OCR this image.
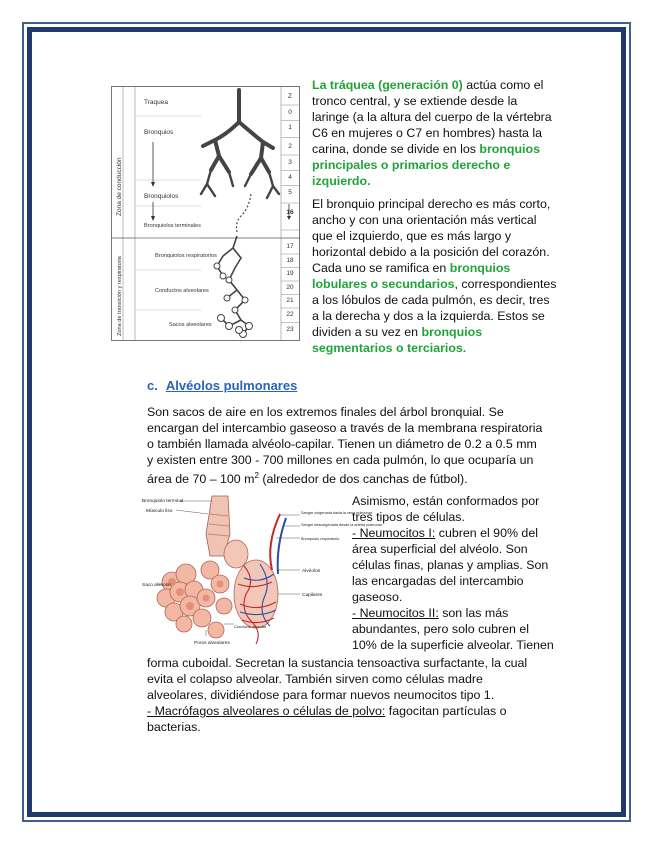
Zona de conducción
Zona de transición y respiratoria
Traquea
Bronquios
Bronquiolos
Bronquiolos terminales
Bronquiolos respiratorios
Conductos alveolares
Sacos alveolares
Z
0
1
2
3
4
5
16
17
18
19
20
21
22
23
La tráquea (generación 0) actúa como el
tronco central, y se extiende desde la
laringe (a la altura del cuerpo de la vértebra
C6 en mujeres o C7 en hombres) hasta la
carina, donde se divide en los bronquios
principales o primarios derecho e
izquierdo.
El bronquio principal derecho es más corto,
ancho y con una orientación más vertical
que el izquierdo, que es más largo y
horizontal debido a la posición del corazón.
Cada uno se ramifica en bronquios
lobulares o secundarios, correspondientes
a los lóbulos de cada pulmón, es decir, tres
a la derecha y dos a la izquierda. Estos se
dividen a su vez en bronquios
segmentarios o terciarios.
c. Alvéolos pulmonares
Son sacos de aire en los extremos finales del árbol bronquial. Se
encargan del intercambio gaseoso a través de la membrana respiratoria
o también llamada alvéolo-capilar. Tienen un diámetro de 0.2 a 0.5 mm
y existen entre 300 - 700 millones en cada pulmón, lo que ocuparía un
área de 70 – 100 $m^2$ (alrededor de dos canchas de fútbol).
Bronquiolo terminal
Músculo liso	Sangre oxigenada hacia la vena pulmonar
Sangre desoxigenada desde la arteria pulmonar
Bronquiolo respiratorio
Saco alveolar
Alvéolos
Capilares
Conducto alveolar
Poros alveolares
Asimismo, están conformados por
tres tipos de células.
- Neumocitos I: cubren el 90% del
área superficial del alvéolo. Son
células finas, planas y amplias. Son
las encargadas del intercambio
gaseoso.
- Neumocitos II: son las más
abundantes, pero solo cubren el
10% de la superficie alveolar. Tienen
forma cuboidal. Secretan la sustancia tensoactiva surfactante, la cual
evita el colapso alveolar. También sirven como células madre
alveolares, dividiéndose para formar nuevos neumocitos tipo 1.
- Macrófagos alveolares o células de polvo: fagocitan partículas o
bacterias.
